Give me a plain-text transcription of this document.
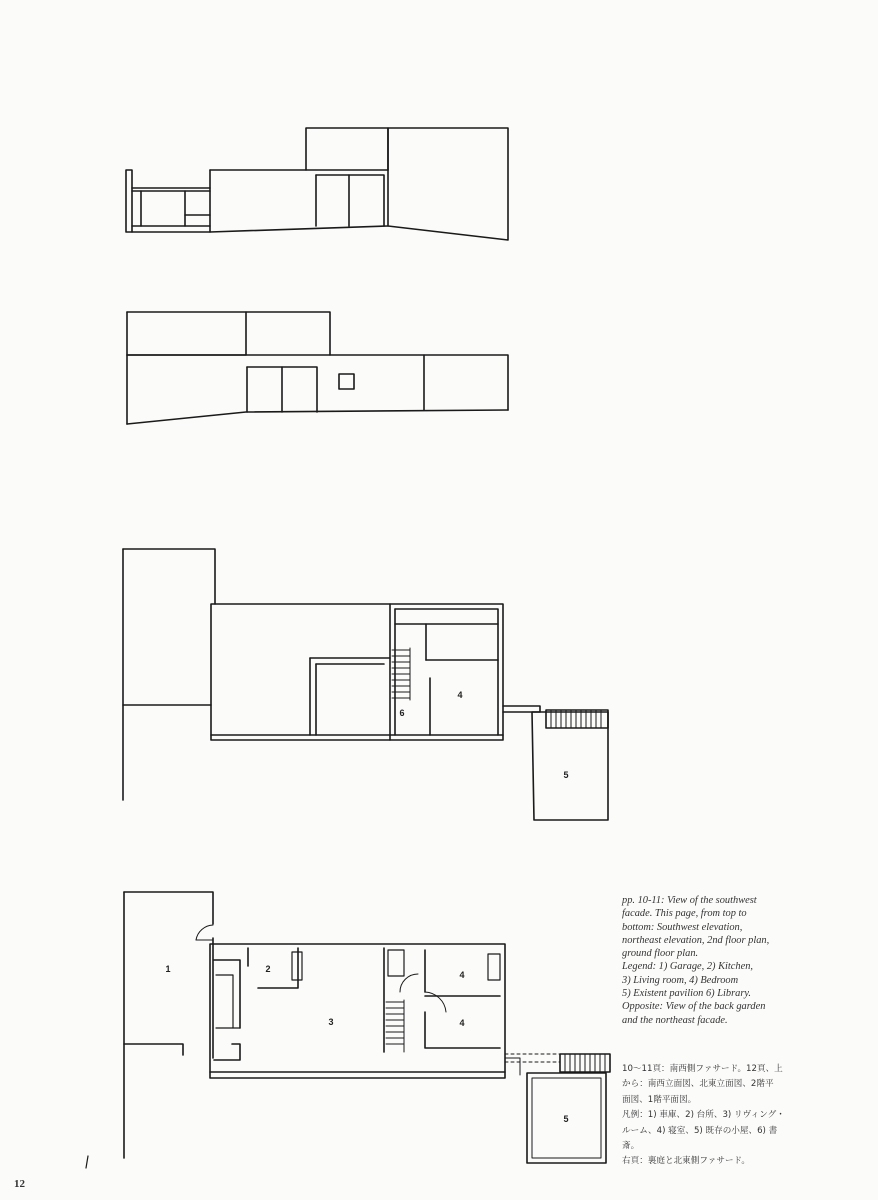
4
6
5
1	2
3
4
4
5

pp. 10-11: View of the southwest

facade. This page, from top to

bottom: Southwest elevation,

northeast elevation, 2nd floor plan,

ground floor plan.

Legend: 1) Garage, 2) Kitchen,

3) Living room, 4) Bedroom

5) Existent pavilion 6) Library.

Opposite: View of the back garden

and the northeast facade.

10～11頁：南西側ファサード。12頁、上

から：南西立面図、北東立面図、2階平

面図、1階平面図。

凡例：1) 車庫、2) 台所、3) リヴィング・

ルーム、4) 寝室、5) 既存の小屋、6) 書

斎。

右頁：裏庭と北東側ファサード。

12
